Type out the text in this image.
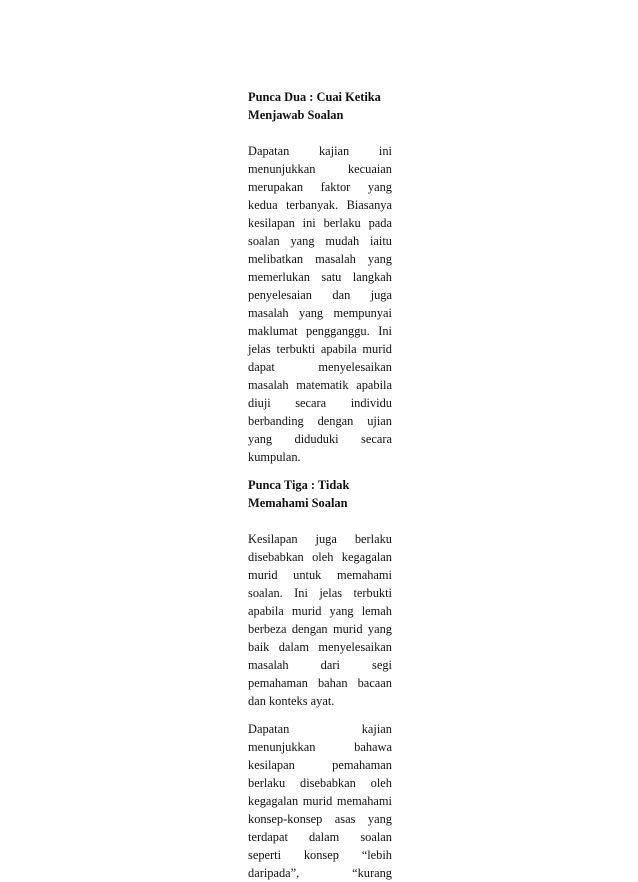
Punca Dua : Cuai Ketika Menjawab Soalan

Dapatan kajian ini menunjukkan kecuaian merupakan faktor yang kedua terbanyak. Biasanya kesilapan ini berlaku pada soalan yang mudah iaitu melibatkan masalah yang memerlukan satu langkah penyelesaian dan juga masalah yang mempunyai maklumat pengganggu. Ini jelas terbukti apabila murid dapat menyelesaikan masalah matematik apabila diuji secara individu berbanding dengan ujian yang diduduki secara kumpulan.

Punca Tiga : Tidak Memahami Soalan

Kesilapan juga berlaku disebabkan oleh kegagalan murid untuk memahami soalan. Ini jelas terbukti apabila murid yang lemah berbeza dengan murid yang baik dalam menyelesaikan masalah dari segi pemahaman bahan bacaan dan konteks ayat.

Dapatan kajian menunjukkan bahawa kesilapan pemahaman berlaku disebabkan oleh kegagalan murid memahami konsep-konsep asas yang terdapat dalam soalan seperti konsep “lebih daripada”, “kurang
